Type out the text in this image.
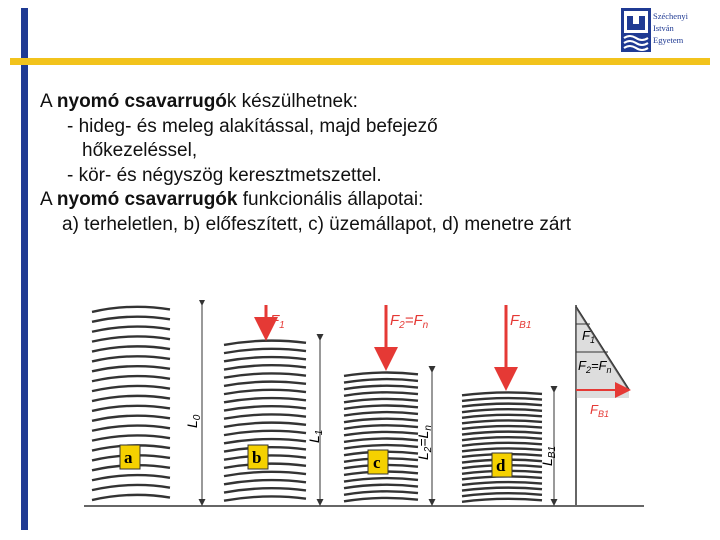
Széchenyi
István
Egyetem
A nyomó csavarrugók készülhetnek:
- hideg- és meleg alakítással, majd befejező
hőkezeléssel,
- kör- és négyszög keresztmetszettel.
A nyomó csavarrugók funkcionális állapotai:
a) terheletlen, b) előfeszített, c) üzemállapot, d) menetre zárt
a
$L_0$
$F_1$
b
$L_1$
$F_2=F_n$
c $L_2=L_n$
$F_{B1}$
d $L_{B1}$
$F_1$
$F_2=F_n$
$F_{B1}$
